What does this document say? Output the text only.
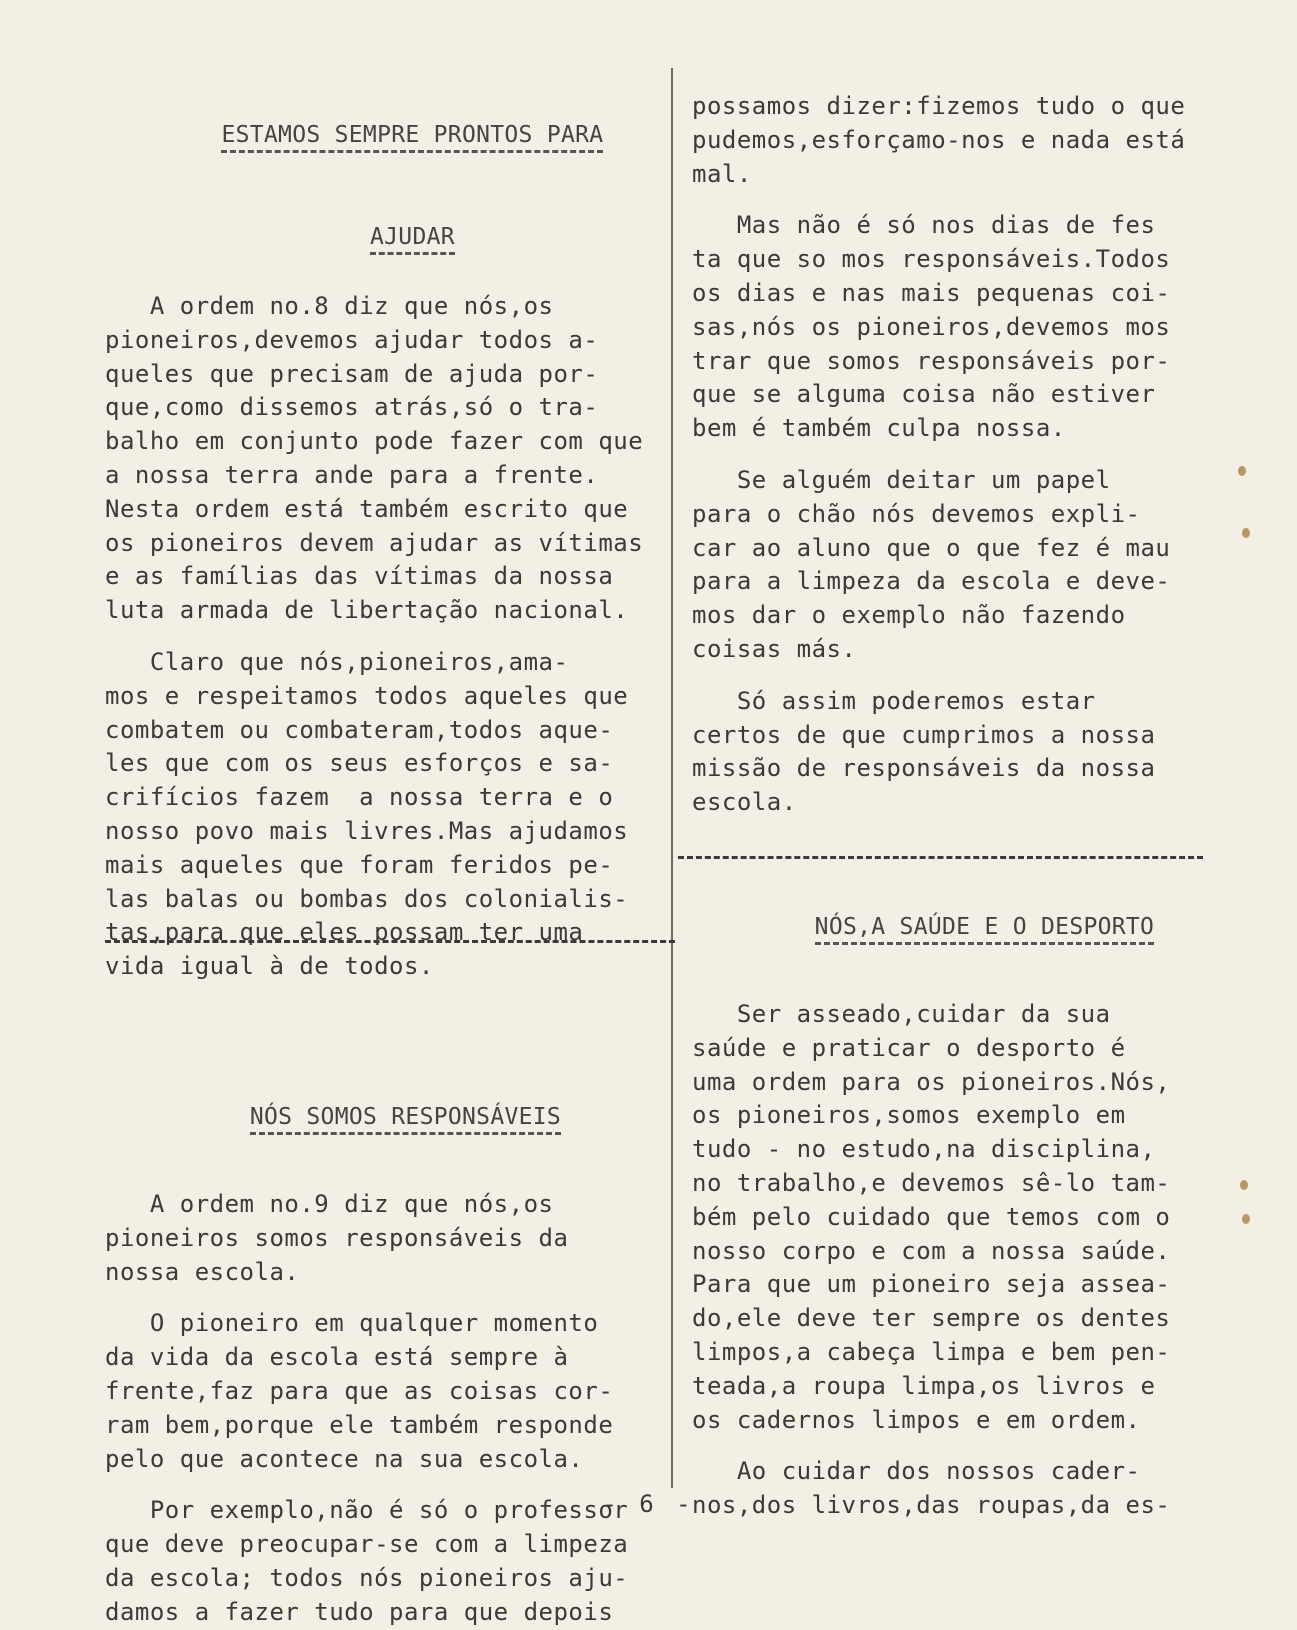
ESTAMOS SEMPRE PRONTOS PARA

AJUDAR

A ordem no.8 diz que nós,os
pioneiros,devemos ajudar todos a-
queles que precisam de ajuda por-
que,como dissemos atrás,só o tra-
balho em conjunto pode fazer com que
a nossa terra ande para a frente.
Nesta ordem está também escrito que
os pioneiros devem ajudar as vítimas
e as famílias das vítimas da nossa
luta armada de libertação nacional.
Claro que nós,pioneiros,ama-
mos e respeitamos todos aqueles que
combatem ou combateram,todos aque-
les que com os seus esforços e sa-
crifícios fazem  a nossa terra e o
nosso povo mais livres.Mas ajudamos
mais aqueles que foram feridos pe-
las balas ou bombas dos colonialis-
tas,para que eles possam ter uma
vida igual à de todos.

NÓS SOMOS RESPONSÁVEIS

A ordem no.9 diz que nós,os
pioneiros somos responsáveis da
nossa escola.
O pioneiro em qualquer momento
da vida da escola está sempre à
frente,faz para que as coisas cor-
ram bem,porque ele também responde
pelo que acontece na sua escola.
Por exemplo,não é só o professor
que deve preocupar-se com a limpeza
da escola; todos nós pioneiros aju-
damos a fazer tudo para que depois
possamos dizer:fizemos tudo o que
pudemos,esforçamo-nos e nada está
mal.
Mas não é só nos dias de fes
ta que so mos responsáveis.Todos
os dias e nas mais pequenas coi-
sas,nós os pioneiros,devemos mos
trar que somos responsáveis por-
que se alguma coisa não estiver
bem é também culpa nossa.
Se alguém deitar um papel
para o chão nós devemos expli-
car ao aluno que o que fez é mau
para a limpeza da escola e deve-
mos dar o exemplo não fazendo
coisas más.
Só assim poderemos estar
certos de que cumprimos a nossa
missão de responsáveis da nossa
escola.

NÓS,A SAÚDE E O DESPORTO

Ser asseado,cuidar da sua
saúde e praticar o desporto é
uma ordem para os pioneiros.Nós,
os pioneiros,somos exemplo em
tudo - no estudo,na disciplina,
no trabalho,e devemos sê-lo tam-
bém pelo cuidado que temos com o
nosso corpo e com a nossa saúde.
Para que um pioneiro seja assea-
do,ele deve ter sempre os dentes
limpos,a cabeça limpa e bem pen-
teada,a roupa limpa,os livros e
os cadernos limpos e em ordem.
Ao cuidar dos nossos cader-
nos,dos livros,das roupas,da es-
- 6 -
